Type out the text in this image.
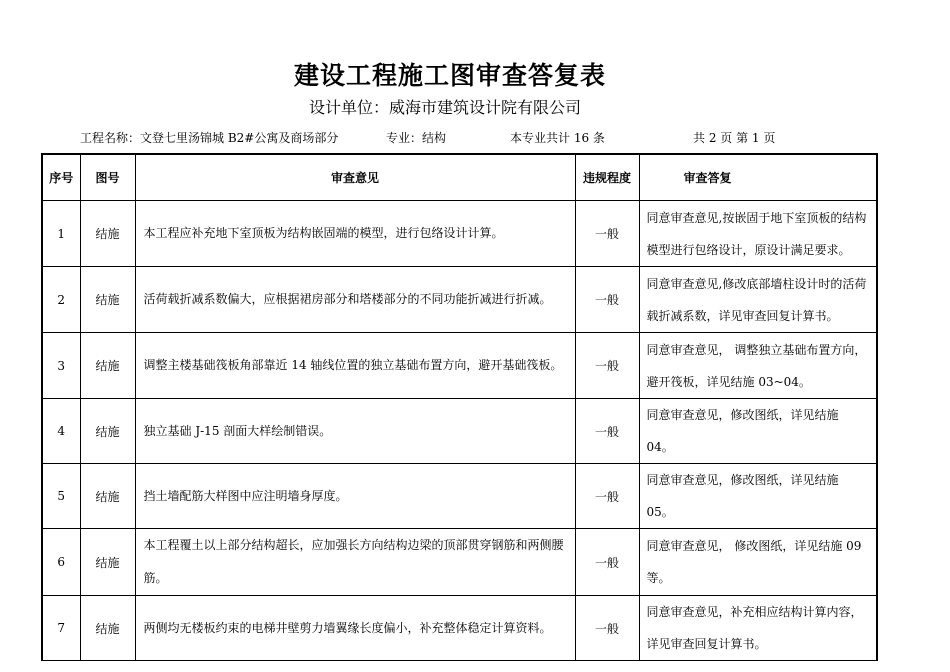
建设工程施工图审查答复表
设计单位：威海市建筑设计院有限公司
工程名称：文登七里汤锦城 B2#公寓及商场部分	专业：结构	本专业共计 16 条	共 2 页 第 1 页
序号	图号	审查意见	违规程度	审查答复
1	结施	本工程应补充地下室顶板为结构嵌固端的模型，进行包络设计计算。	一般	同意审查意见,按嵌固于地下室顶板的结构模型进行包络设计，原设计满足要求。
2	结施	活荷载折减系数偏大，应根据裙房部分和塔楼部分的不同功能折减进行折减。	一般	同意审查意见,修改底部墙柱设计时的活荷载折减系数，详见审查回复计算书。
3	结施	调整主楼基础筏板角部靠近 14 轴线位置的独立基础布置方向，避开基础筏板。	一般	同意审查意见， 调整独立基础布置方向，避开筏板，详见结施 03~04。
4	结施	独立基础 J-15 剖面大样绘制错误。	一般	同意审查意见，修改图纸，详见结施 04。
5	结施	挡土墙配筋大样图中应注明墙身厚度。	一般	同意审查意见，修改图纸，详见结施 05。
6	结施	本工程覆土以上部分结构超长，应加强长方向结构边梁的顶部贯穿钢筋和两侧腰筋。	一般	同意审查意见， 修改图纸，详见结施 09 等。
7	结施	两侧均无楼板约束的电梯井壁剪力墙翼缘长度偏小，补充整体稳定计算资料。	一般	同意审查意见，补充相应结构计算内容，详见审查回复计算书。
